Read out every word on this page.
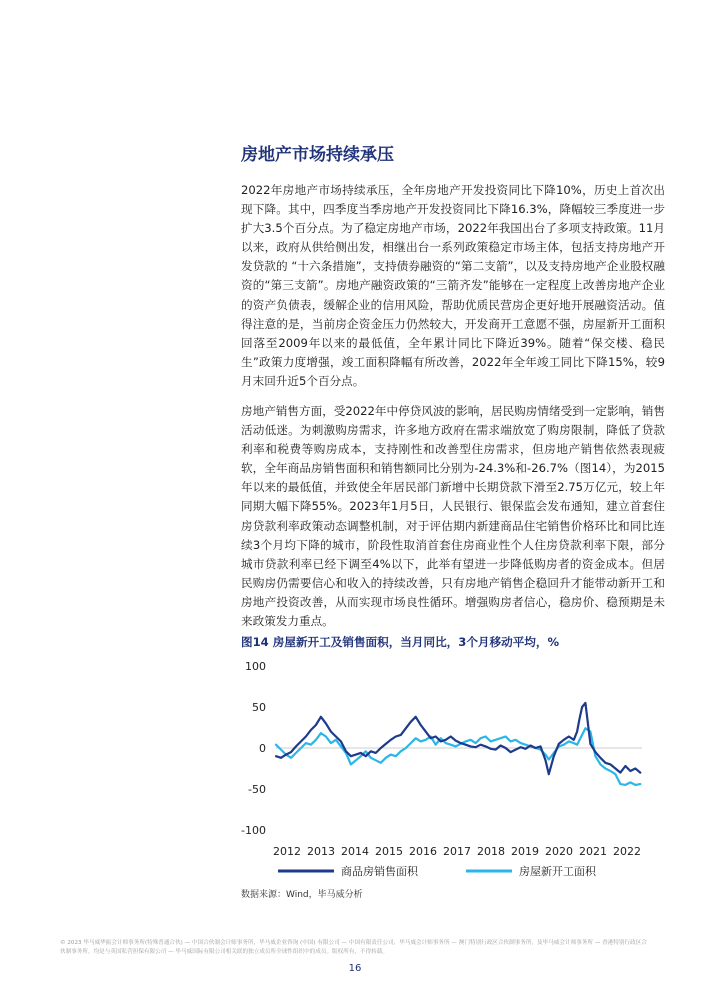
房地产市场持续承压

2022年房地产市场持续承压，全年房地产开发投资同比下降10%，历史上首次出现下降。其中，四季度当季房地产开发投资同比下降16.3%，降幅较三季度进一步扩大3.5个百分点。为了稳定房地产市场，2022年我国出台了多项支持政策。11月以来，政府从供给侧出发，相继出台一系列政策稳定市场主体，包括支持房地产开发贷款的 “十六条措施”，支持债券融资的“第二支箭”，以及支持房地产企业股权融资的“第三支箭”。房地产融资政策的“三箭齐发”能够在一定程度上改善房地产企业的资产负债表，缓解企业的信用风险，帮助优质民营房企更好地开展融资活动。值得注意的是，当前房企资金压力仍然较大，开发商开工意愿不强，房屋新开工面积回落至2009年以来的最低值，全年累计同比下降近39%。随着“保交楼、稳民生”政策力度增强，竣工面积降幅有所改善，2022年全年竣工同比下降15%，较9月末回升近5个百分点。

房地产销售方面，受2022年中停贷风波的影响，居民购房情绪受到一定影响，销售活动低迷。为刺激购房需求，许多地方政府在需求端放宽了购房限制，降低了贷款利率和税费等购房成本，支持刚性和改善型住房需求，但房地产销售依然表现疲软，全年商品房销售面积和销售额同比分别为-24.3%和-26.7%（图14），为2015年以来的最低值，并致使全年居民部门新增中长期贷款下滑至2.75万亿元，较上年同期大幅下降55%。2023年1月5日，人民银行、银保监会发布通知，建立首套住房贷款利率政策动态调整机制，对于评估期内新建商品住宅销售价格环比和同比连续3个月均下降的城市，阶段性取消首套住房商业性个人住房贷款利率下限，部分城市贷款利率已经下调至4%以下，此举有望进一步降低购房者的资金成本。但居民购房仍需要信心和收入的持续改善，只有房地产销售企稳回升才能带动新开工和房地产投资改善，从而实现市场良性循环。增强购房者信心，稳房价、稳预期是未来政策发力重点。

图14 房屋新开工及销售面积，当月同比，3个月移动平均，%

100
50
0
-50
-100
2012 2013 2014 2015 2016 2017 2018 2019 2020 2021 2022
商品房销售面积	房屋新开工面积

数据来源：Wind，毕马威分析

© 2023 毕马威华振会计师事务所(特殊普通合伙) — 中国合伙制会计师事务所，毕马威企业咨询 (中国) 有限公司 — 中国有限责任公司，毕马威会计师事务所 — 澳门特别行政区合伙制事务所，及毕马威会计师事务所 — 香港特别行政区合伙制事务所，均是与英国私营担保有限公司 — 毕马威国际有限公司相关联的独立成员所全球性组织中的成员。版权所有，不得转载。

16
